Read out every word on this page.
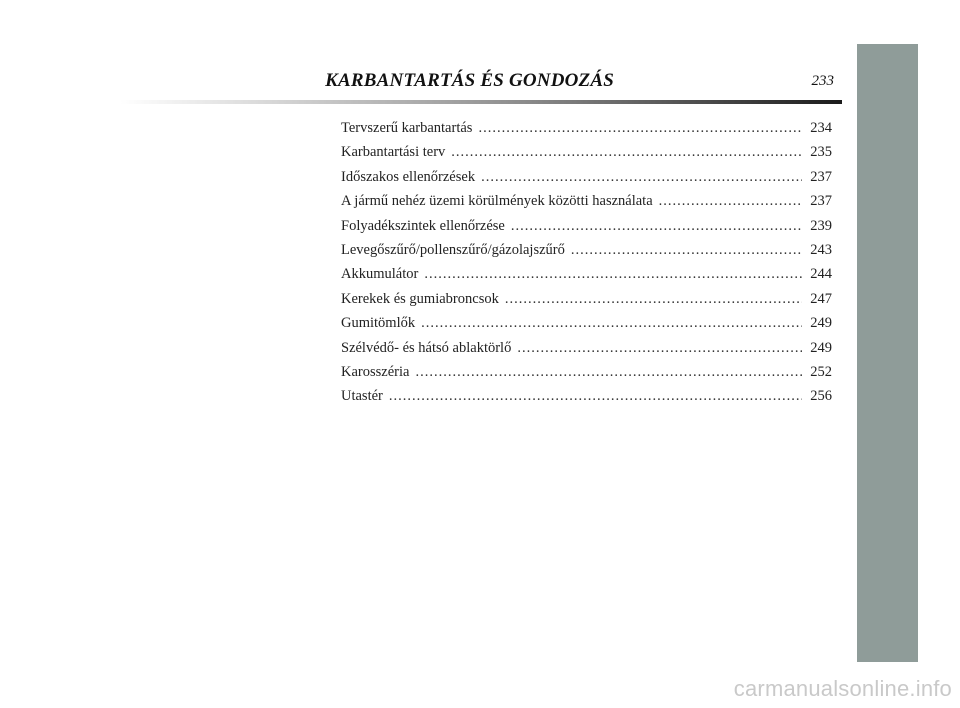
KARBANTARTÁS ÉS GONDOZÁS	233
Tervszerű karbantartás .....	234
Karbantartási terv .....	235
Időszakos ellenőrzések .....	237
A jármű nehéz üzemi körülmények közötti használata .....	237
Folyadékszintek ellenőrzése .....	239
Levegőszűrő/pollenszűrő/gázolajszűrő .....	243
Akkumulátor .....	244
Kerekek és gumiabroncsok .....	247
Gumitömlők .....	249
Szélvédő- és hátsó ablaktörlő .....	249
Karosszéria .....	252
Utastér .....	256
carmanualsonline.info
